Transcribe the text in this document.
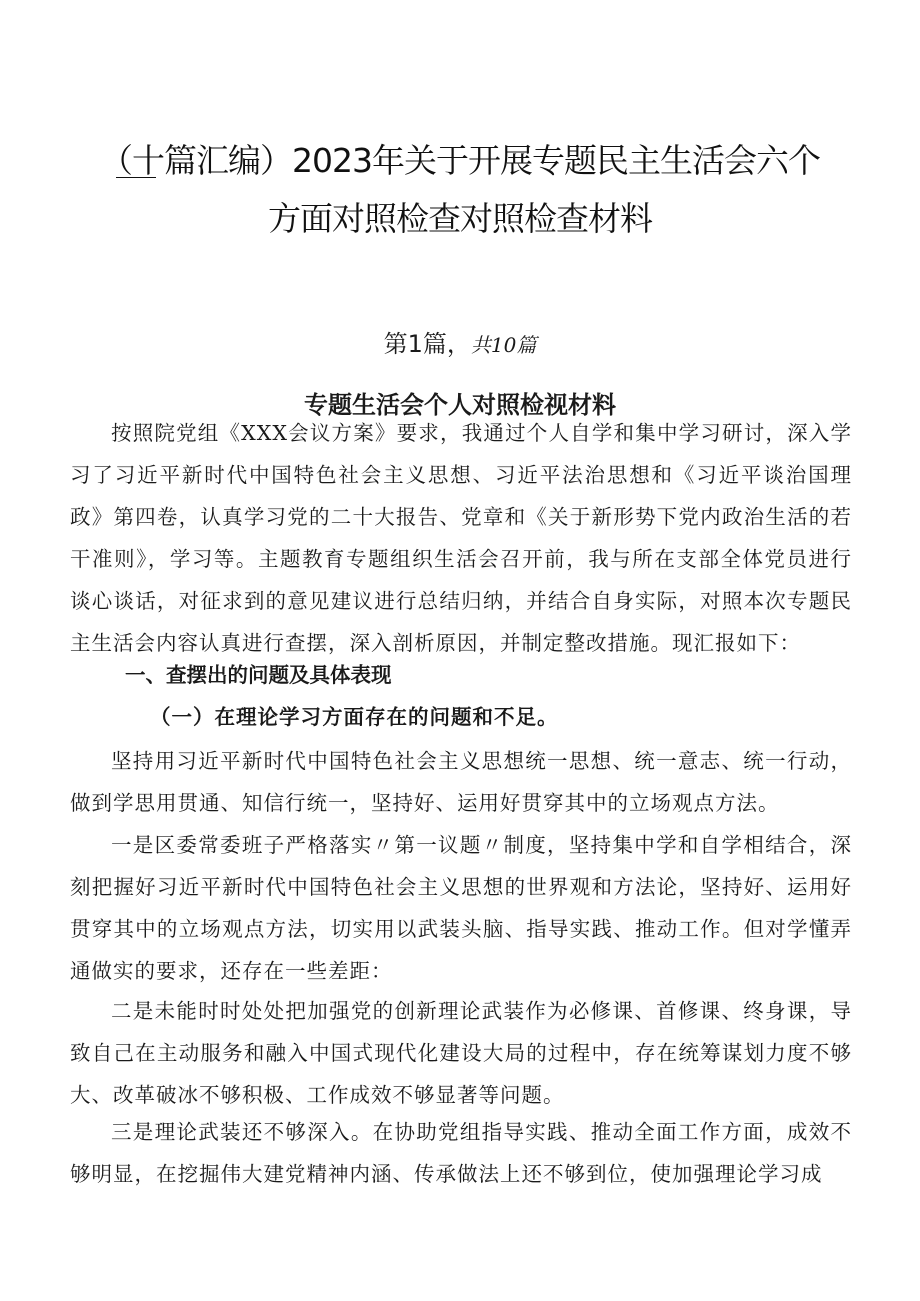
（十篇汇编）2023年关于开展专题民主生活会六个
方面对照检查对照检查材料
第1篇，共10篇
专题生活会个人对照检视材料

按照院党组《XXX会议方案》要求，我通过个人自学和集中学习研讨，深入学习了习近平新时代中国特色社会主义思想、习近平法治思想和《习近平谈治国理政》第四卷，认真学习党的二十大报告、党章和《关于新形势下党内政治生活的若干准则》，学习等。主题教育专题组织生活会召开前，我与所在支部全体党员进行谈心谈话，对征求到的意见建议进行总结归纳，并结合自身实际，对照本次专题民主生活会内容认真进行查摆，深入剖析原因，并制定整改措施。现汇报如下：

一、查摆出的问题及具体表现
（一）在理论学习方面存在的问题和不足。

坚持用习近平新时代中国特色社会主义思想统一思想、统一意志、统一行动，做到学思用贯通、知信行统一，坚持好、运用好贯穿其中的立场观点方法。

一是区委常委班子严格落实〃第一议题〃制度，坚持集中学和自学相结合，深刻把握好习近平新时代中国特色社会主义思想的世界观和方法论，坚持好、运用好贯穿其中的立场观点方法，切实用以武装头脑、指导实践、推动工作。但对学懂弄通做实的要求，还存在一些差距：

二是未能时时处处把加强党的创新理论武装作为必修课、首修课、终身课，导致自己在主动服务和融入中国式现代化建设大局的过程中，存在统筹谋划力度不够大、改革破冰不够积极、工作成效不够显著等问题。

三是理论武装还不够深入。在协助党组指导实践、推动全面工作方面，成效不够明显，在挖掘伟大建党精神内涵、传承做法上还不够到位，使加强理论学习成
